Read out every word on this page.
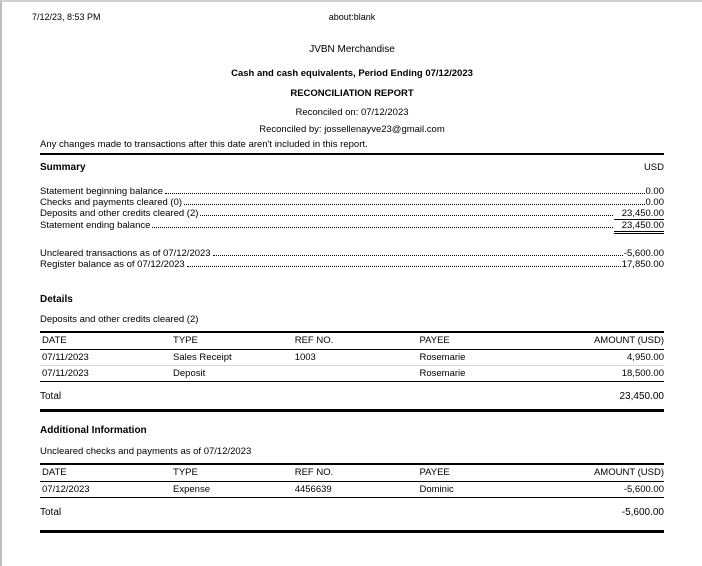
7/12/23, 8:53 PM	about:blank
JVBN Merchandise
Cash and cash equivalents, Period Ending 07/12/2023
RECONCILIATION REPORT
Reconciled on: 07/12/2023
Reconciled by: jossellenayve23@gmail.com
Any changes made to transactions after this date aren't included in this report.
Summary	USD
Statement beginning balance	0.00
Checks and payments cleared (0)	0.00
Deposits and other credits cleared (2)	23,450.00
Statement ending balance	23,450.00
Uncleared transactions as of 07/12/2023	-5,600.00
Register balance as of 07/12/2023	17,850.00
Details
Deposits and other credits cleared (2)
DATE	TYPE	REF NO.	PAYEE	AMOUNT (USD)
07/11/2023	Sales Receipt	1003	Rosemarie	4,950.00
07/11/2023	Deposit		Rosemarie	18,500.00
Total	23,450.00
Additional Information
Uncleared checks and payments as of 07/12/2023
DATE	TYPE	REF NO.	PAYEE	AMOUNT (USD)
07/12/2023	Expense	4456639	Dominic	-5,600.00
Total	-5,600.00
